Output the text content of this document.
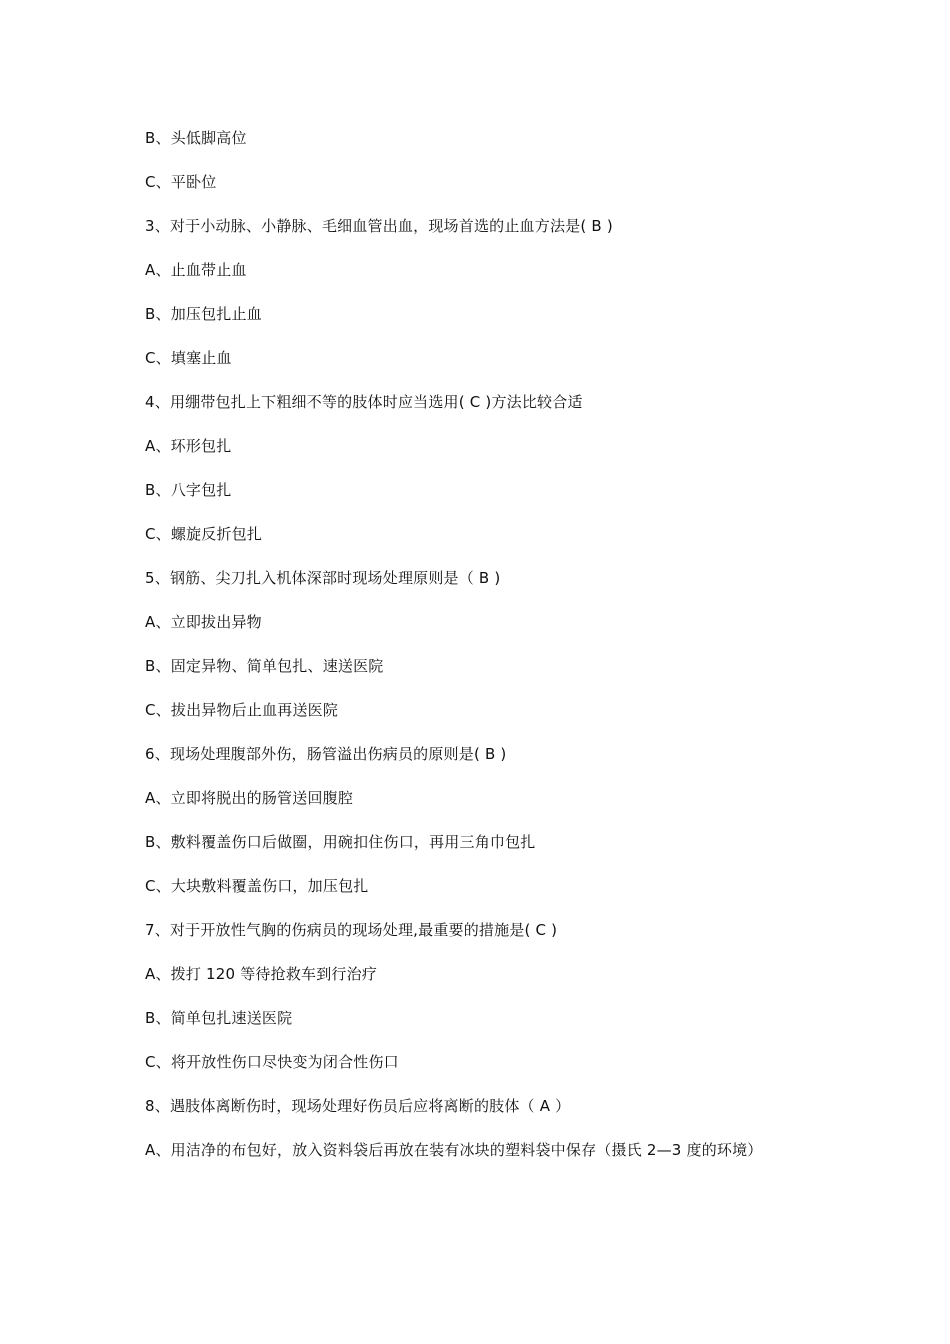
B、头低脚高位
C、平卧位
3、对于小动脉、小静脉、毛细血管出血，现场首选的止血方法是( B )
A、止血带止血
B、加压包扎止血
C、填塞止血
4、用绷带包扎上下粗细不等的肢体时应当选用( C )方法比较合适
A、环形包扎
B、八字包扎
C、螺旋反折包扎
5、钢筋、尖刀扎入机体深部时现场处理原则是（ B )
A、立即拔出异物
B、固定异物、简单包扎、速送医院
C、拔出异物后止血再送医院
6、现场处理腹部外伤，肠管溢出伤病员的原则是( B )
A、立即将脱出的肠管送回腹腔
B、敷料覆盖伤口后做圈，用碗扣住伤口，再用三角巾包扎
C、大块敷料覆盖伤口，加压包扎
7、对于开放性气胸的伤病员的现场处理,最重要的措施是( C )
A、拨打 120 等待抢救车到行治疗
B、简单包扎速送医院
C、将开放性伤口尽快变为闭合性伤口
8、遇肢体离断伤时，现场处理好伤员后应将离断的肢体（ A ）
A、用洁净的布包好，放入资料袋后再放在装有冰块的塑料袋中保存（摄氏 2—3 度的环境）
